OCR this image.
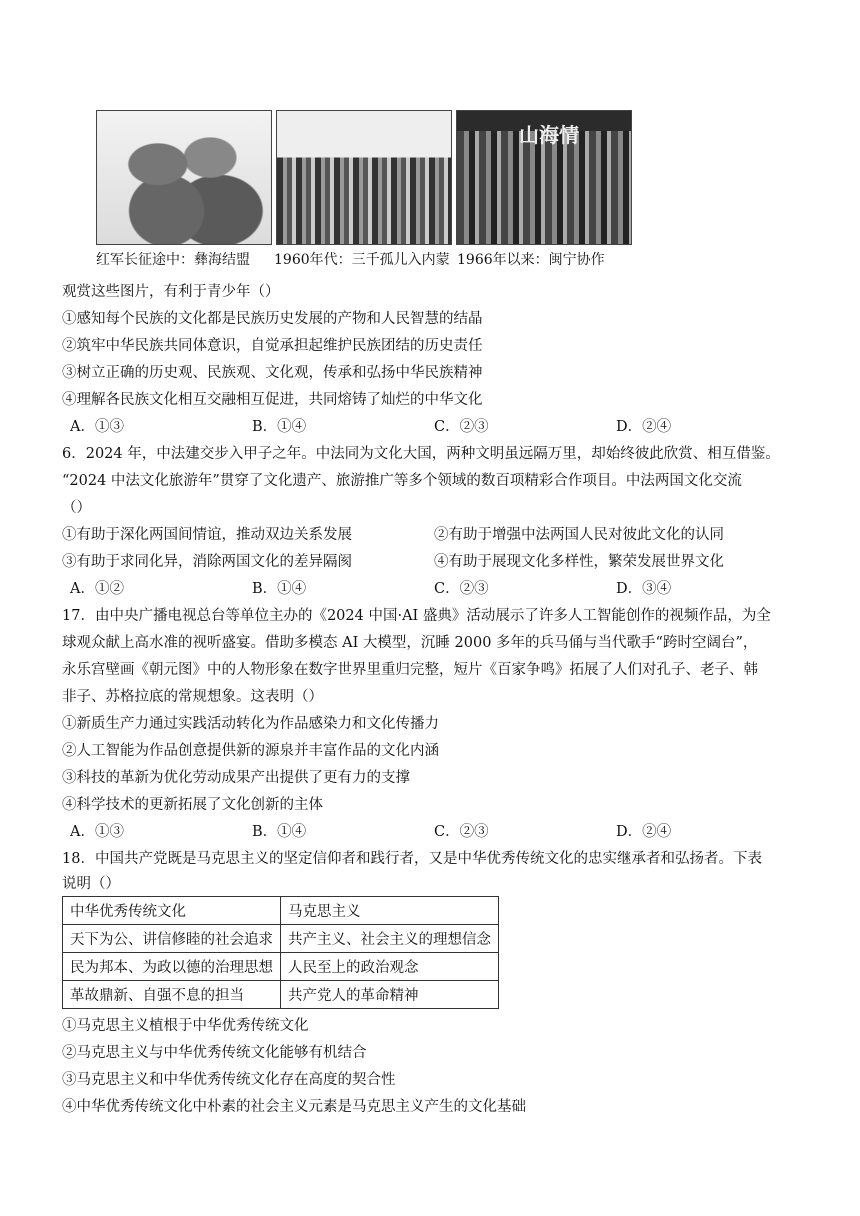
山海情
红军长征途中：彝海结盟 1960年代：三千孤儿入内蒙 1966年以来：闽宁协作
观赏这些图片，有利于青少年（）
①感知每个民族的文化都是民族历史发展的产物和人民智慧的结晶
②筑牢中华民族共同体意识，自觉承担起维护民族团结的历史责任
③树立正确的历史观、民族观、文化观，传承和弘扬中华民族精神
④理解各民族文化相互交融相互促进，共同熔铸了灿烂的中华文化
A．①③	B．①④	C．②③	D．②④
6．2024 年，中法建交步入甲子之年。中法同为文化大国，两种文明虽远隔万里，却始终彼此欣赏、相互借鉴。
“2024 中法文化旅游年”贯穿了文化遗产、旅游推广等多个领域的数百项精彩合作项目。中法两国文化交流
（）
①有助于深化两国间情谊，推动双边关系发展	②有助于增强中法两国人民对彼此文化的认同
③有助于求同化异，消除两国文化的差异隔阂	④有助于展现文化多样性，繁荣发展世界文化
A．①②	B．①④	C．②③	D．③④
17．由中央广播电视总台等单位主办的《2024 中国·AI 盛典》活动展示了许多人工智能创作的视频作品，为全
球观众献上高水准的视听盛宴。借助多模态 AI 大模型，沉睡 2000 多年的兵马俑与当代歌手“跨时空阔台”，
永乐宫壁画《朝元图》中的人物形象在数字世界里重归完整，短片《百家争鸣》拓展了人们对孔子、老子、韩
非子、苏格拉底的常规想象。这表明（）
①新质生产力通过实践活动转化为作品感染力和文化传播力
②人工智能为作品创意提供新的源泉并丰富作品的文化内涵
③科技的革新为优化劳动成果产出提供了更有力的支撑
④科学技术的更新拓展了文化创新的主体
A．①③	B．①④	C．②③	D．②④
18．中国共产党既是马克思主义的坚定信仰者和践行者，又是中华优秀传统文化的忠实继承者和弘扬者。下表
说明（）
中华优秀传统文化	马克思主义
天下为公、讲信修睦的社会追求	共产主义、社会主义的理想信念
民为邦本、为政以德的治理思想	人民至上的政治观念
革故鼎新、自强不息的担当	共产党人的革命精神
①马克思主义植根于中华优秀传统文化
②马克思主义与中华优秀传统文化能够有机结合
③马克思主义和中华优秀传统文化存在高度的契合性
④中华优秀传统文化中朴素的社会主义元素是马克思主义产生的文化基础
